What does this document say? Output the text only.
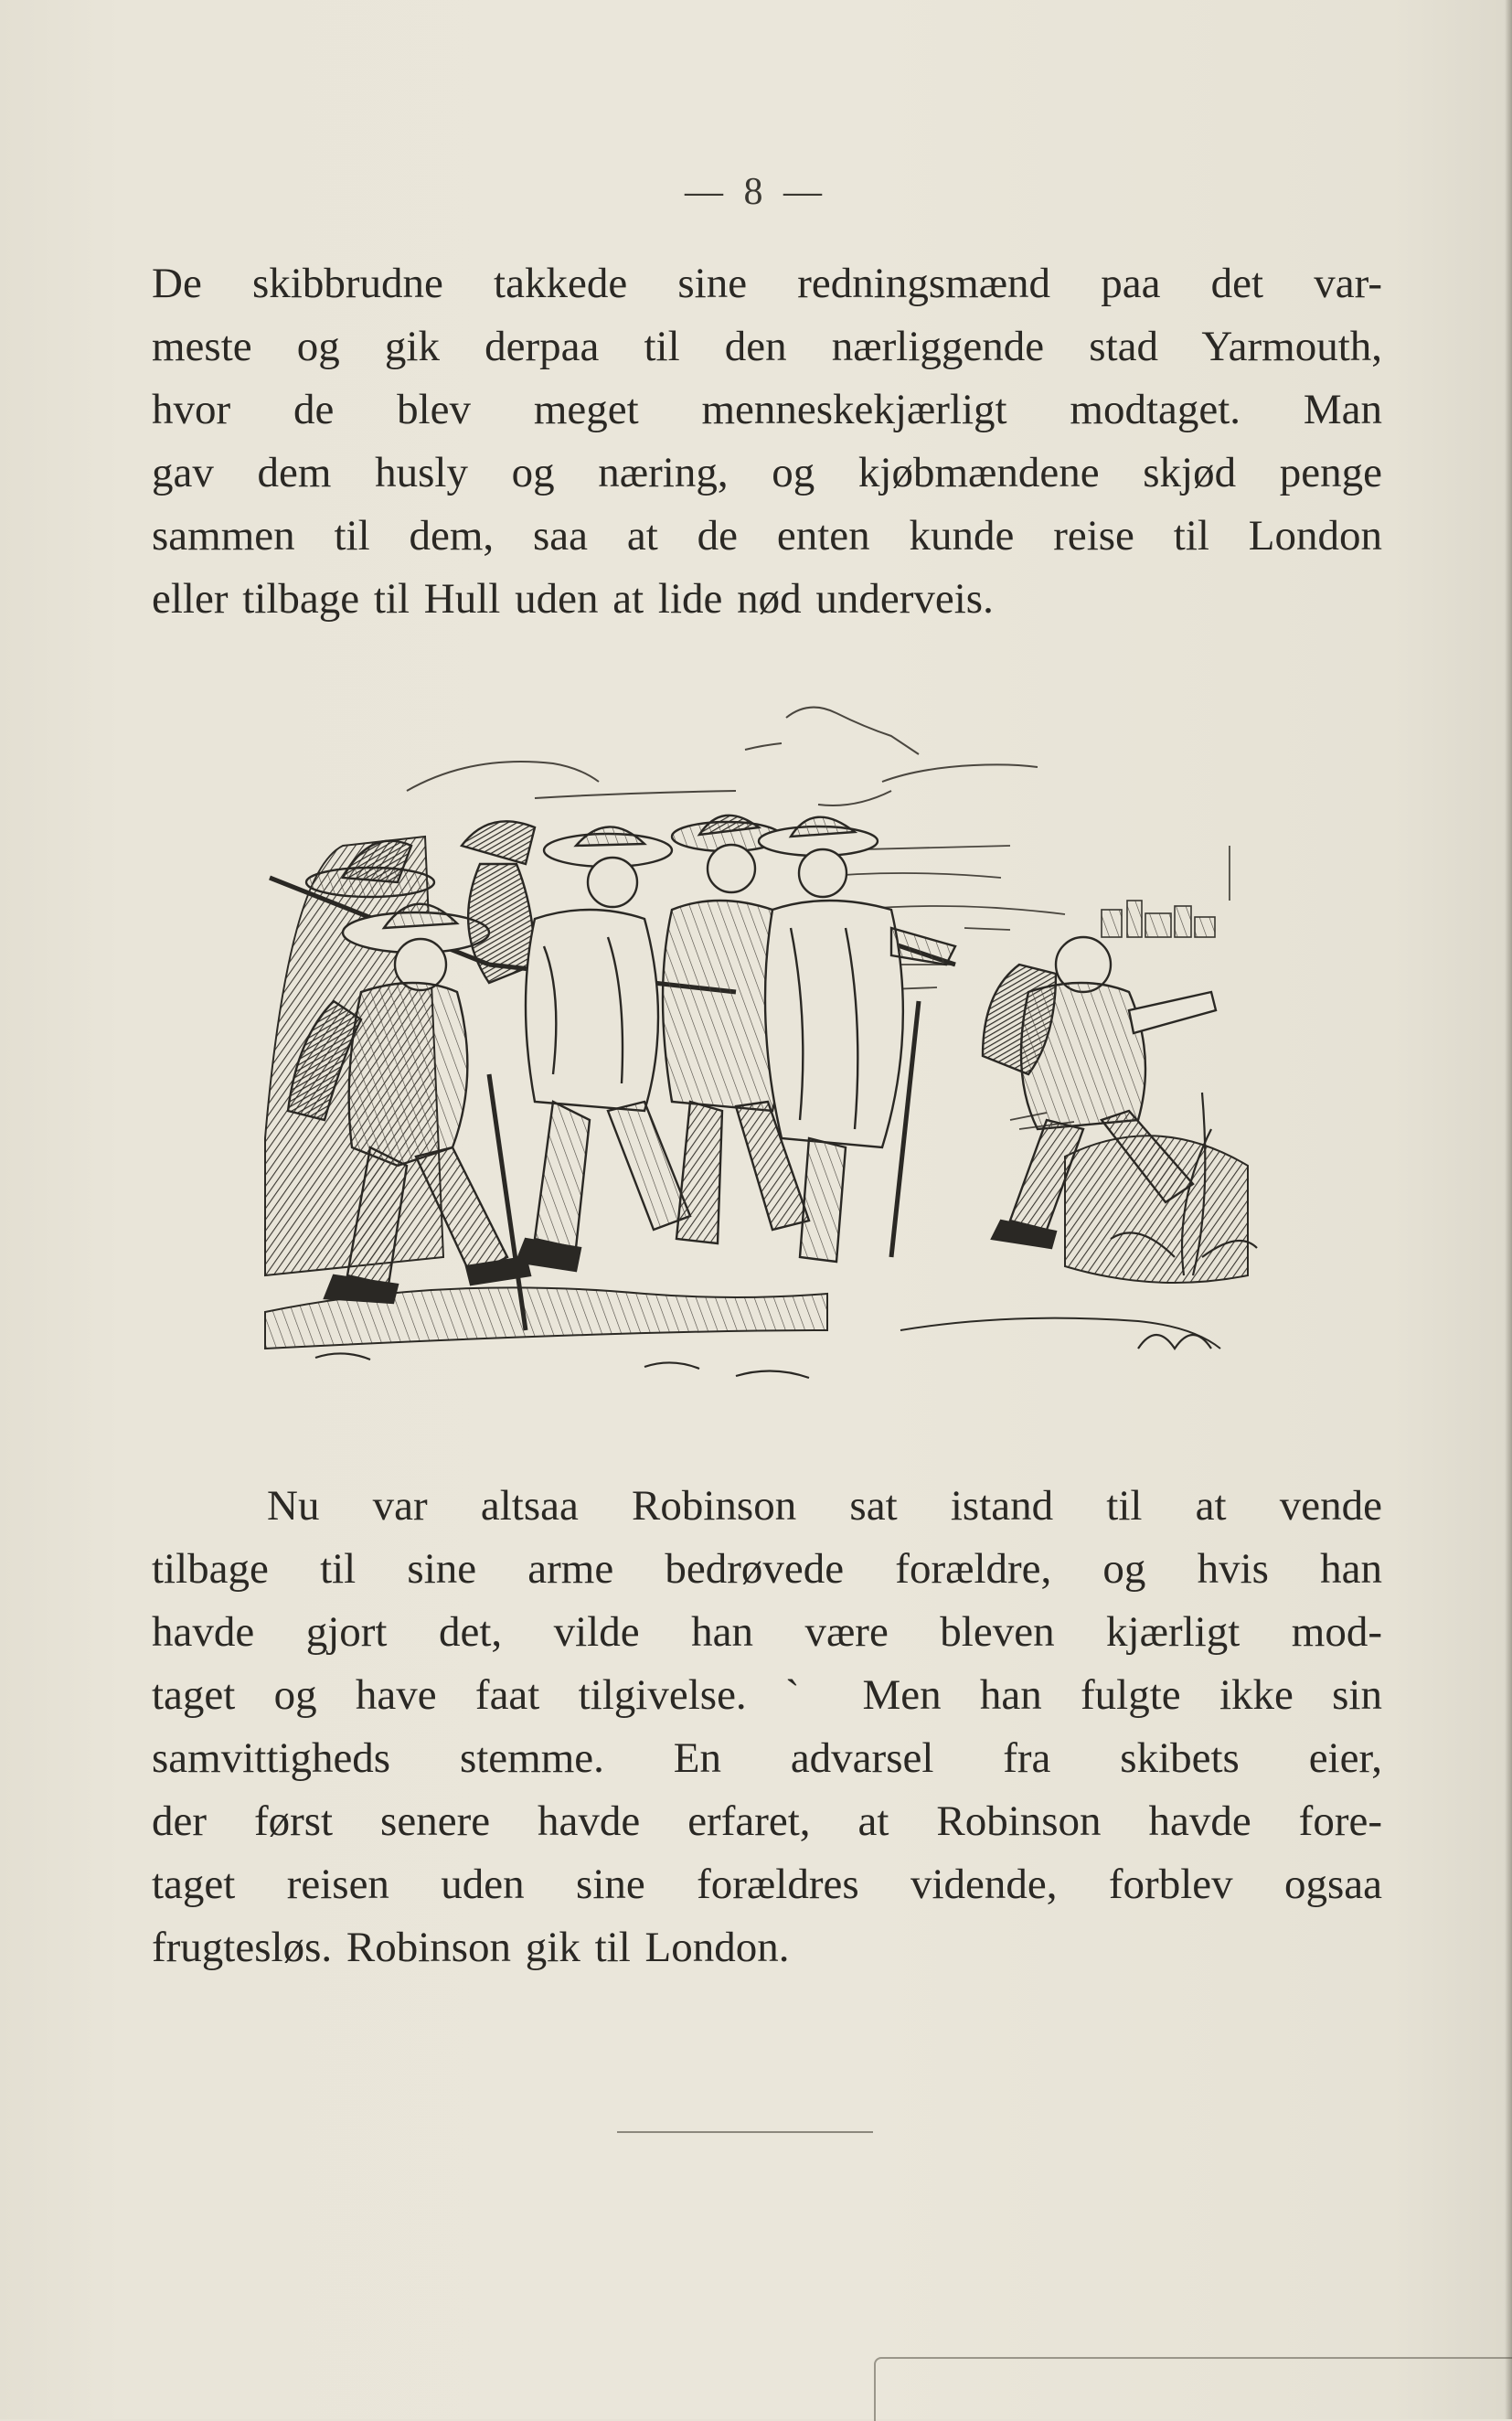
— 8 —

De skibbrudne takkede sine redningsmænd paa det var-
meste og gik derpaa til den nærliggende stad Yarmouth,
hvor de blev meget menneskekjærligt modtaget. Man
gav dem husly og næring, og kjøbmændene skjød penge
sammen til dem, saa at de enten kunde reise til London
eller tilbage til Hull uden at lide nød underveis.

Nu var altsaa Robinson sat istand til at vende
tilbage til sine arme bedrøvede forældre, og hvis han
havde gjort det, vilde han være bleven kjærligt mod-
taget og have faat tilgivelse. ˋ Men han fulgte ikke sin
samvittigheds stemme. En advarsel fra skibets eier,
der først senere havde erfaret, at Robinson havde fore-
taget reisen uden sine forældres vidende, forblev ogsaa
frugtesløs. Robinson gik til London.
